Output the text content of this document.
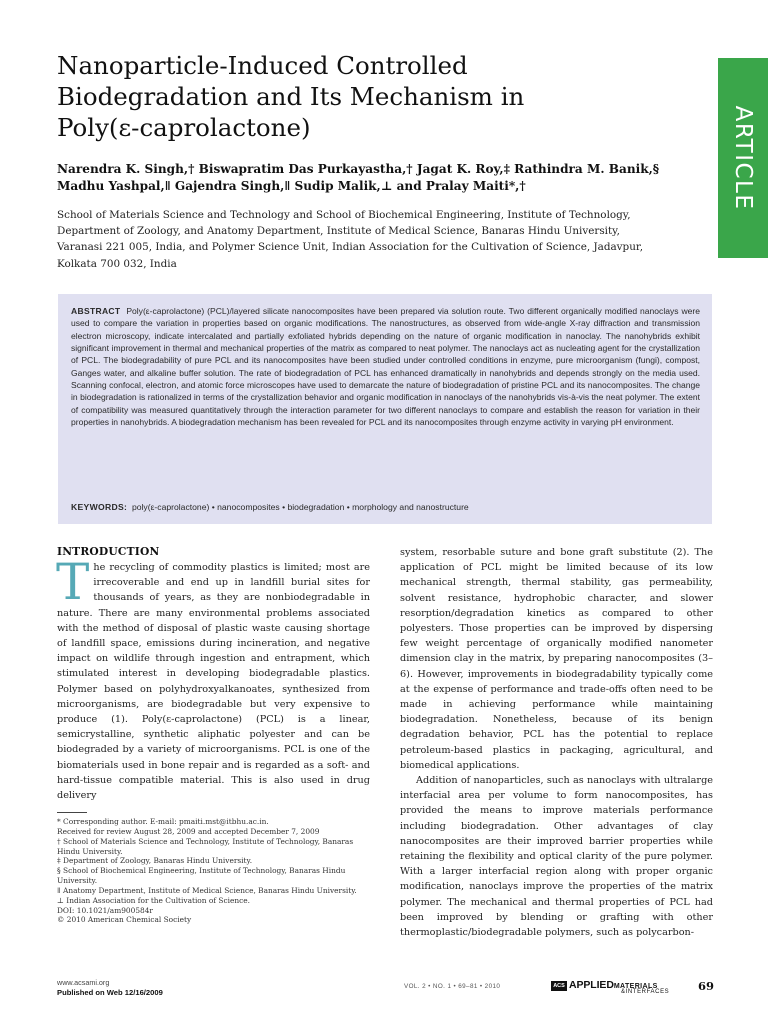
Nanoparticle-Induced Controlled
Biodegradation and Its Mechanism in
Poly(ε-caprolactone)	ARTICLE
Narendra K. Singh,† Biswapratim Das Purkayastha,† Jagat K. Roy,‡ Rathindra M. Banik,§
Madhu Yashpal,ǁ Gajendra Singh,ǁ Sudip Malik,⊥ and Pralay Maiti*,†
School of Materials Science and Technology and School of Biochemical Engineering, Institute of Technology,
Department of Zoology, and Anatomy Department, Institute of Medical Science, Banaras Hindu University,
Varanasi 221 005, India, and Polymer Science Unit, Indian Association for the Cultivation of Science, Jadavpur,
Kolkata 700 032, India
ABSTRACT Poly(ε-caprolactone) (PCL)/layered silicate nanocomposites have been prepared via solution route. Two different organically modified nanoclays were used to compare the variation in properties based on organic modifications. The nanostructures, as observed from wide-angle X-ray diffraction and transmission electron microscopy, indicate intercalated and partially exfoliated hybrids depending on the nature of organic modification in nanoclay. The nanohybrids exhibit significant improvement in thermal and mechanical properties of the matrix as compared to neat polymer. The nanoclays act as nucleating agent for the crystallization of PCL. The biodegradability of pure PCL and its nanocomposites have been studied under controlled conditions in enzyme, pure microorganism (fungi), compost, Ganges water, and alkaline buffer solution. The rate of biodegradation of PCL has enhanced dramatically in nanohybrids and depends strongly on the media used. Scanning confocal, electron, and atomic force microscopes have used to demarcate the nature of biodegradation of pristine PCL and its nanocomposites. The change in biodegradation is rationalized in terms of the crystallization behavior and organic modification in nanoclays of the nanohybrids vis-à-vis the neat polymer. The extent of compatibility was measured quantitatively through the interaction parameter for two different nanoclays to compare and establish the reason for variation in their properties in nanohybrids. A biodegradation mechanism has been revealed for PCL and its nanocomposites through enzyme activity in varying pH environment.
KEYWORDS: poly(ε-caprolactone) • nanocomposites • biodegradation • morphology and nanostructure
INTRODUCTION

The recycling of commodity plastics is limited; most are irrecoverable and end up in landfill burial sites for thousands of years, as they are nonbiodegradable in nature. There are many environmental problems associated with the method of disposal of plastic waste causing shortage of landfill space, emissions during incineration, and negative impact on wildlife through ingestion and entrapment, which stimulated interest in developing biodegradable plastics. Polymer based on polyhydroxyalkanoates, synthesized from microorganisms, are biodegradable but very expensive to produce (1). Poly(ε-caprolactone) (PCL) is a linear, semicrystalline, synthetic aliphatic polyester and can be biodegraded by a variety of microorganisms. PCL is one of the biomaterials used in bone repair and is regarded as a soft- and hard-tissue compatible material. This is also used in drug delivery

system, resorbable suture and bone graft substitute (2). The application of PCL might be limited because of its low mechanical strength, thermal stability, gas permeability, solvent resistance, hydrophobic character, and slower resorption/degradation kinetics as compared to other polyesters. Those properties can be improved by dispersing few weight percentage of organically modified nanometer dimension clay in the matrix, by preparing nanocomposites (3–6). However, improvements in biodegradability typically come at the expense of performance and trade-offs often need to be made in achieving performance while maintaining biodegradation. Nonetheless, because of its benign degradation behavior, PCL has the potential to replace petroleum-based plastics in packaging, agricultural, and biomedical applications.

Addition of nanoparticles, such as nanoclays with ultralarge interfacial area per volume to form nanocomposites, has provided the means to improve materials performance including biodegradation. Other advantages of clay nanocomposites are their improved barrier properties while retaining the flexibility and optical clarity of the pure polymer. With a larger interfacial region along with proper organic modification, nanoclays improve the properties of the matrix polymer. The mechanical and thermal properties of PCL had been improved by blending or grafting with other thermoplastic/biodegradable polymers, such as polycarbon-

* Corresponding author. E-mail: pmaiti.mst@itbhu.ac.in.
Received for review August 28, 2009 and accepted December 7, 2009
† School of Materials Science and Technology, Institute of Technology, Banaras Hindu University.
‡ Department of Zoology, Banaras Hindu University.
§ School of Biochemical Engineering, Institute of Technology, Banaras Hindu University.
ǁ Anatomy Department, Institute of Medical Science, Banaras Hindu University.
⊥ Indian Association for the Cultivation of Science.
DOI: 10.1021/am900584r
© 2010 American Chemical Society
www.acsami.org
Published on Web 12/16/2009
VOL. 2 • NO. 1 • 69–81 • 2010	ACS APPLIEDMATERIALS
&INTERFACES 69
